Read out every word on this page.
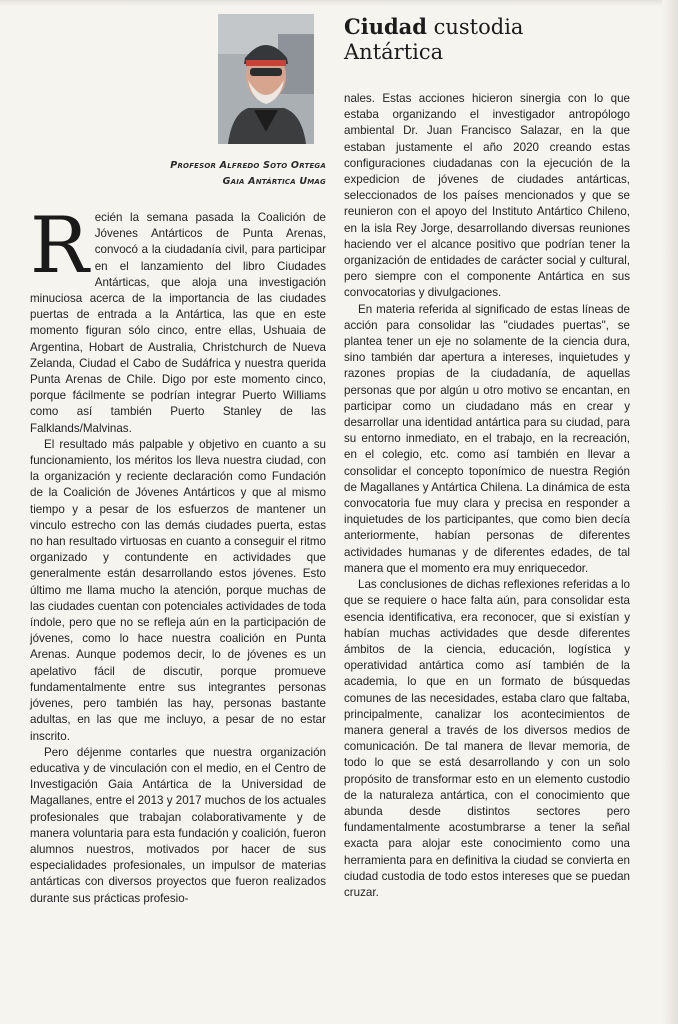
Profesor Alfredo Soto Ortega
Gaia Antártica Umag
Ciudad custodia
Antártica

Recién la semana pasada la Coalición de Jóvenes Antárticos de Punta Arenas, convocó a la ciudadanía civil, para participar en el lanzamiento del libro Ciudades Antárticas, que aloja una investigación minuciosa acerca de la importancia de las ciudades puertas de entrada a la Antártica, las que en este momento figuran sólo cinco, entre ellas, Ushuaia de Argentina, Hobart de Australia, Christchurch de Nueva Zelanda, Ciudad el Cabo de Sudáfrica y nuestra querida Punta Arenas de Chile. Digo por este momento cinco, porque fácilmente se podrían integrar Puerto Williams como así también Puerto Stanley de las Falklands/Malvinas.

El resultado más palpable y objetivo en cuanto a su funcionamiento, los méritos los lleva nuestra ciudad, con la organización y reciente declaración como Fundación de la Coalición de Jóvenes Antárticos y que al mismo tiempo y a pesar de los esfuerzos de mantener un vinculo estrecho con las demás ciudades puerta, estas no han resultado virtuosas en cuanto a conseguir el ritmo organizado y contundente en actividades que generalmente están desarrollando estos jóvenes. Esto último me llama mucho la atención, porque muchas de las ciudades cuentan con potenciales actividades de toda índole, pero que no se refleja aún en la participación de jóvenes, como lo hace nuestra coalición en Punta Arenas. Aunque podemos decir, lo de jóvenes es un apelativo fácil de discutir, porque promueve fundamentalmente entre sus integrantes personas jóvenes, pero también las hay, personas bastante adultas, en las que me incluyo, a pesar de no estar inscrito.

Pero déjenme contarles que nuestra organización educativa y de vinculación con el medio, en el Centro de Investigación Gaia Antártica de la Universidad de Magallanes, entre el 2013 y 2017 muchos de los actuales profesionales que trabajan colaborativamente y de manera voluntaria para esta fundación y coalición, fueron alumnos nuestros, motivados por hacer de sus especialidades profesionales, un impulsor de materias antárticas con diversos proyectos que fueron realizados durante sus prácticas profesio-

nales. Estas acciones hicieron sinergia con lo que estaba organizando el investigador antropólogo ambiental Dr. Juan Francisco Salazar, en la que estaban justamente el año 2020 creando estas configuraciones ciudadanas con la ejecución de la expedicion de jóvenes de ciudades antárticas, seleccionados de los países mencionados y que se reunieron con el apoyo del Instituto Antártico Chileno, en la isla Rey Jorge, desarrollando diversas reuniones haciendo ver el alcance positivo que podrían tener la organización de entidades de carácter social y cultural, pero siempre con el componente Antártica en sus convocatorias y divulgaciones.

En materia referida al significado de estas líneas de acción para consolidar las "ciudades puertas", se plantea tener un eje no solamente de la ciencia dura, sino también dar apertura a intereses, inquietudes y razones propias de la ciudadanía, de aquellas personas que por algún u otro motivo se encantan, en participar como un ciudadano más en crear y desarrollar una identidad antártica para su ciudad, para su entorno inmediato, en el trabajo, en la recreación, en el colegio, etc. como así también en llevar a consolidar el concepto toponímico de nuestra Región de Magallanes y Antártica Chilena. La dinámica de esta convocatoria fue muy clara y precisa en responder a inquietudes de los participantes, que como bien decía anteriormente, habían personas de diferentes actividades humanas y de diferentes edades, de tal manera que el momento era muy enriquecedor.

Las conclusiones de dichas reflexiones referidas a lo que se requiere o hace falta aún, para consolidar esta esencia identificativa, era reconocer, que si existían y habían muchas actividades que desde diferentes ámbitos de la ciencia, educación, logística y operatividad antártica como así también de la academia, lo que en un formato de búsquedas comunes de las necesidades, estaba claro que faltaba, principalmente, canalizar los acontecimientos de manera general a través de los diversos medios de comunicación. De tal manera de llevar memoria, de todo lo que se está desarrollando y con un solo propósito de transformar esto en un elemento custodio de la naturaleza antártica, con el conocimiento que abunda desde distintos sectores pero fundamentalmente acostumbrarse a tener la señal exacta para alojar este conocimiento como una herramienta para en definitiva la ciudad se convierta en ciudad custodia de todo estos intereses que se puedan cruzar.
